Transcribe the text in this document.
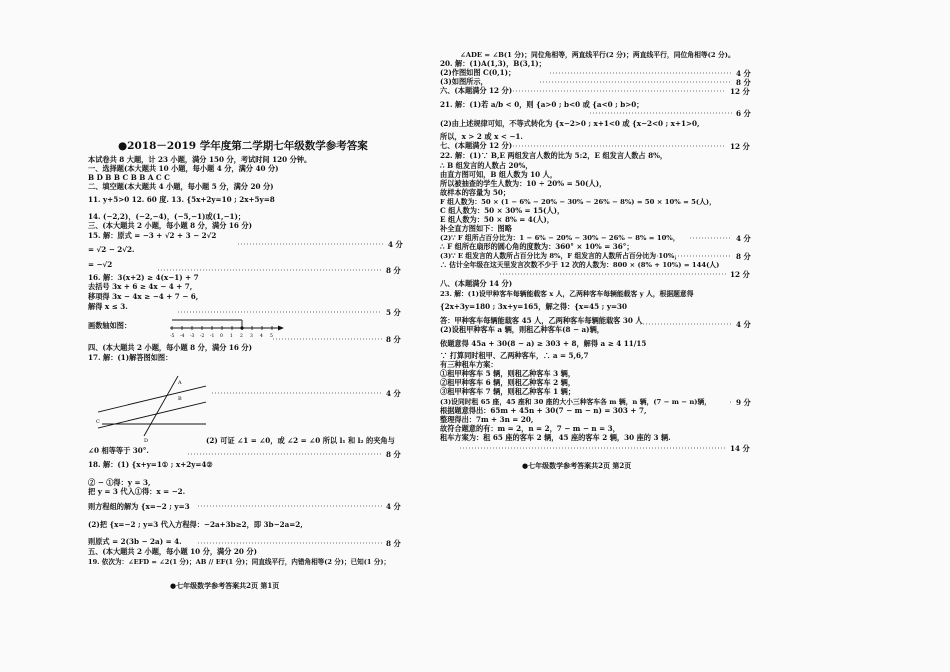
●2018－2019 学年度第二学期七年级数学参考答案
本试卷共 8 大题，计 23 小题，满分 150 分，考试时间 120 分钟。
一、选择题(本大题共 10 小题，每小题 4 分，满分 40 分)
B D B B C B B A C C
二、填空题(本大题共 4 小题，每小题 5 分，满分 20 分)
11. y+5>0 12. 60 度. 13. {5x+2y=10 ; 2x+5y=8
14. (−2,2)，(−2,−4)，(−5,−1)或(1,−1)；
三、(本大题共 2 小题，每小题 8 分，满分 16 分)
15. 解：原式 = −3 + √2 + 3 − 2√2
= √2 − 2√2.
= −√2
16. 解：3(x+2) ≥ 4(x−1) + 7
去括号 3x + 6 ≥ 4x − 4 + 7,
移项得 3x − 4x ≥ −4 + 7 − 6,
解得 x ≤ 3.
画数轴如图：
四、(本大题共 2 小题，每小题 8 分，满分 16 分)
17. 解：(1)解答图如图：
(2) 可证 ∠1 = ∠0，或 ∠2 = ∠0 所以 l₁ 和 l₂ 的夹角与
∠0 相等等于 30°.
18. 解：(1) {x+y=1① ; x+2y=4②
② − ①得：y = 3,
把 y = 3 代入①得：x = −2.
则方程组的解为 {x=−2 ; y=3
(2)把 {x=−2 ; y=3 代入方程得：−2a+3b≥2，即 3b−2a=2,
则原式 = 2(3b − 2a) = 4.
五、(本大题共 2 小题，每小题 10 分，满分 20 分)
19. 依次为：∠EFD = ∠2(1 分)；AB // EF(1 分)；同直线平行，内错角相等(2 分)；已知(1 分)；
4 分
8 分
5 分
8 分
4 分
8 分
4 分
8 分
●七年级数学参考答案共2页 第1页
-5 -4 -3 -2 -1 0 1 2 3 4 5
A
B
C
D
∠ADE = ∠B(1 分)；同位角相等，两直线平行(2 分)；两直线平行，同位角相等(2 分)。
20. 解：(1)A(1,3)，B(3,1)；
(2)作图如图 C(0,1)；
(3)如图所示，
六、(本题满分 12 分)
21. 解：(1)若 a/b < 0，则 {a>0 ; b<0 或 {a<0 ; b>0；
(2)由上述规律可知，不等式转化为 {x−2>0 ; x+1<0 或 {x−2<0 ; x+1>0,
所以，x > 2 或 x < −1.
七、(本题满分 12 分)
22. 解：(1)∵ B,E 两组发言人数的比为 5:2，E 组发言人数占 8%，
∴ B 组发言的人数占 20%，
由直方图可知，B 组人数为 10 人，
所以被抽查的学生人数为：10 ÷ 20% = 50(人)，
故样本的容量为 50；
F 组人数为：50 × (1 − 6% − 20% − 30% − 26% − 8%) = 50 × 10% = 5(人)，
C 组人数为：50 × 30% = 15(人)，
E 组人数为：50 × 8% = 4(人)，
补全直方图如下：图略
(2)∵ F 组所占百分比为：1 − 6% − 20% − 30% − 26% − 8% = 10%，
∴ F 组所在扇形的圆心角的度数为：360° × 10% = 36°；
(3)∵ E 组发言的人数所占百分比为 8%，F 组发言的人数所占百分比为 10%，
∴ 估计全年级在这天里发言次数不少于 12 次的人数为：800 × (8% + 10%) = 144(人)
八、(本题满分 14 分)
23. 解：(1)设甲种客车每辆能载客 x 人，乙两种客车每辆能载客 y 人，根据题意得
{2x+3y=180 ; 3x+y=165，解之得：{x=45 ; y=30
答：甲种客车每辆能载客 45 人，乙两种客车每辆能载客 30 人
(2)设租甲种客车 a 辆，则租乙种客车(8 − a)辆，
依题意得 45a + 30(8 − a) ≥ 303 + 8，解得 a ≥ 4 11/15
∵ 打算同时租甲、乙两种客车，∴ a = 5,6,7
有三种租车方案：
①租甲种客车 5 辆，则租乙种客车 3 辆，
②租甲种客车 6 辆，则租乙种客车 2 辆，
③租甲种客车 7 辆，则租乙种客车 1 辆；
(3)设同时租 65 座，45 座和 30 座的大小三种客车各 m 辆，n 辆，(7 − m − n)辆，
根据题意得出：65m + 45n + 30(7 − m − n) = 303 + 7,
整理得出：7m + 3n = 20,
故符合题意的有：m = 2，n = 2，7 − m − n = 3，
租车方案为：租 65 座的客车 2 辆，45 座的客车 2 辆，30 座的 3 辆.
4 分
8 分
12 分
6 分
12 分
4 分
8 分
12 分
4 分
9 分
14 分
●七年级数学参考答案共2页 第2页
